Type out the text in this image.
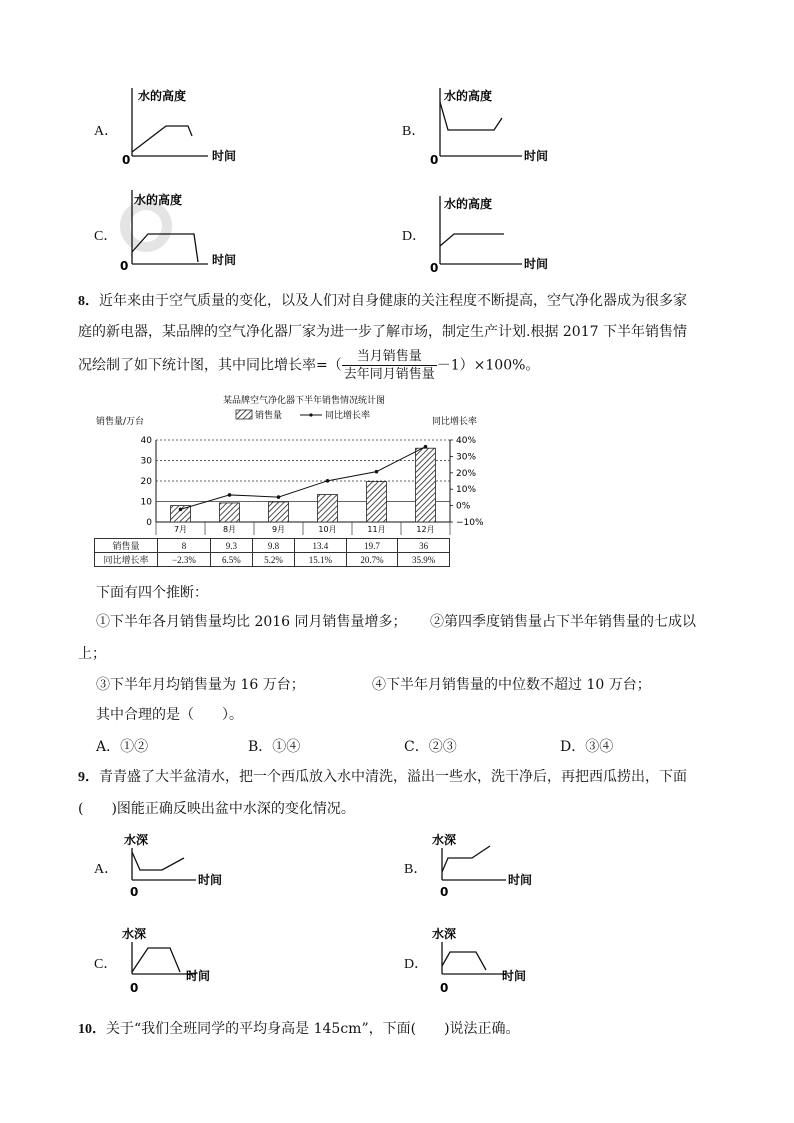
A．
水的高度
时间
0
B．
水的高度
时间
0
C．
水的高度
时间
0
D．
水的高度
时间
0
8．近年来由于空气质量的变化，以及人们对自身健康的关注程度不断提高，空气净化器成为很多家
庭的新电器，某品牌的空气净化器厂家为进一步了解市场，制定生产计划.根据 2017 下半年销售情
况绘制了如下统计图，其中同比增长率=（ $\frac{\text{当月销售量}}{\text{去年同月销售量}} -1)\times 100\%$。
某品牌空气净化器下半年销售情况统计图
销售量	同比增长率
销售量/万台	同比增长率
0
10
20
30
40
−10%
0%
10%
20%
30%
40%
7月	8月	9月	10月	11月	12月
销售量	8	9.3	9.8	13.4	19.7	36
同比增长率	−2.3%	6.5%	5.2%	15.1%	20.7%	35.9%
下面有四个推断：
①下半年各月销售量均比 2016 同月销售量增多； ②第四季度销售量占下半年销售量的七成以
上；
③下半年月均销售量为 16 万台；	④下半年月销售量的中位数不超过 10 万台；
其中合理的是（　　）。
A．①②	B．①④	C．②③	D．③④
9．青青盛了大半盆清水，把一个西瓜放入水中清洗，溢出一些水，洗干净后，再把西瓜捞出，下面
(　　)图能正确反映出盆中水深的变化情况。
A．
水深
时间
0
B．
水深
时间
0
C．
水深
时间
0
D．
水深
时间
0
10．关于“我们全班同学的平均身高是 145cm”，下面(　　)说法正确。
